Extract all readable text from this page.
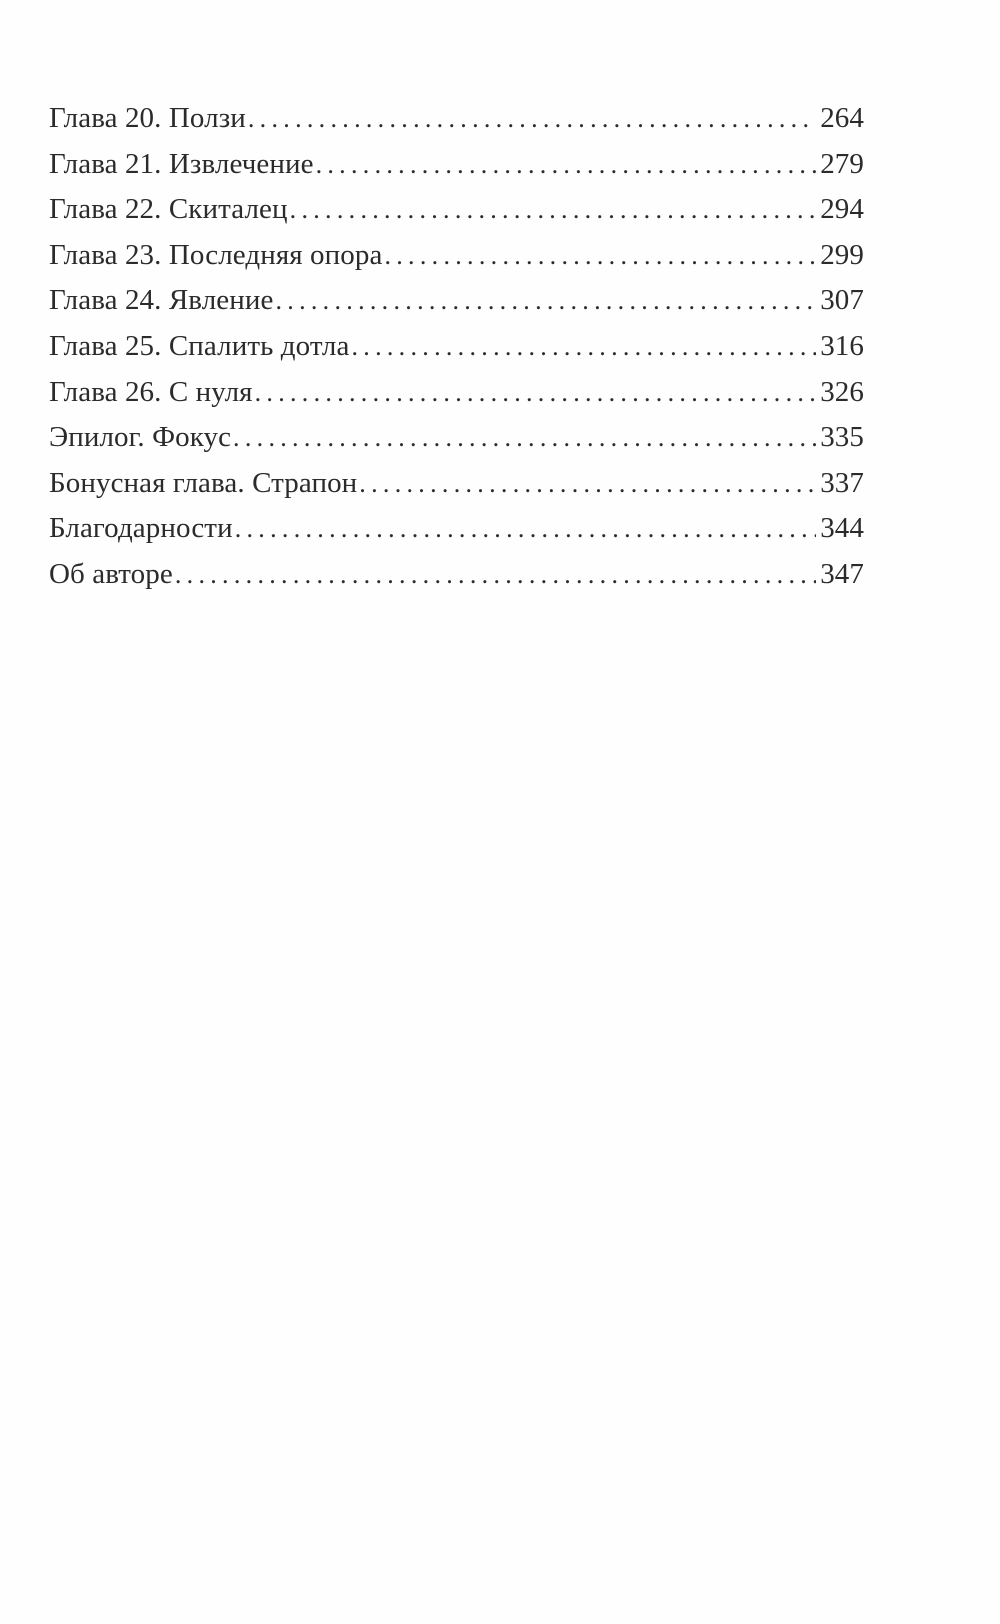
Глава 20. Ползи . . .	264
Глава 21. Извлечение . . .	279
Глава 22. Скиталец . . .	294
Глава 23. Последняя опора . . .	299
Глава 24. Явление . . .	307
Глава 25. Спалить дотла . . .	316
Глава 26. С нуля . . .	326
Эпилог. Фокус . . .	335
Бонусная глава. Страпон . . .	337
Благодарности . . .	344
Об авторе . . .	347
